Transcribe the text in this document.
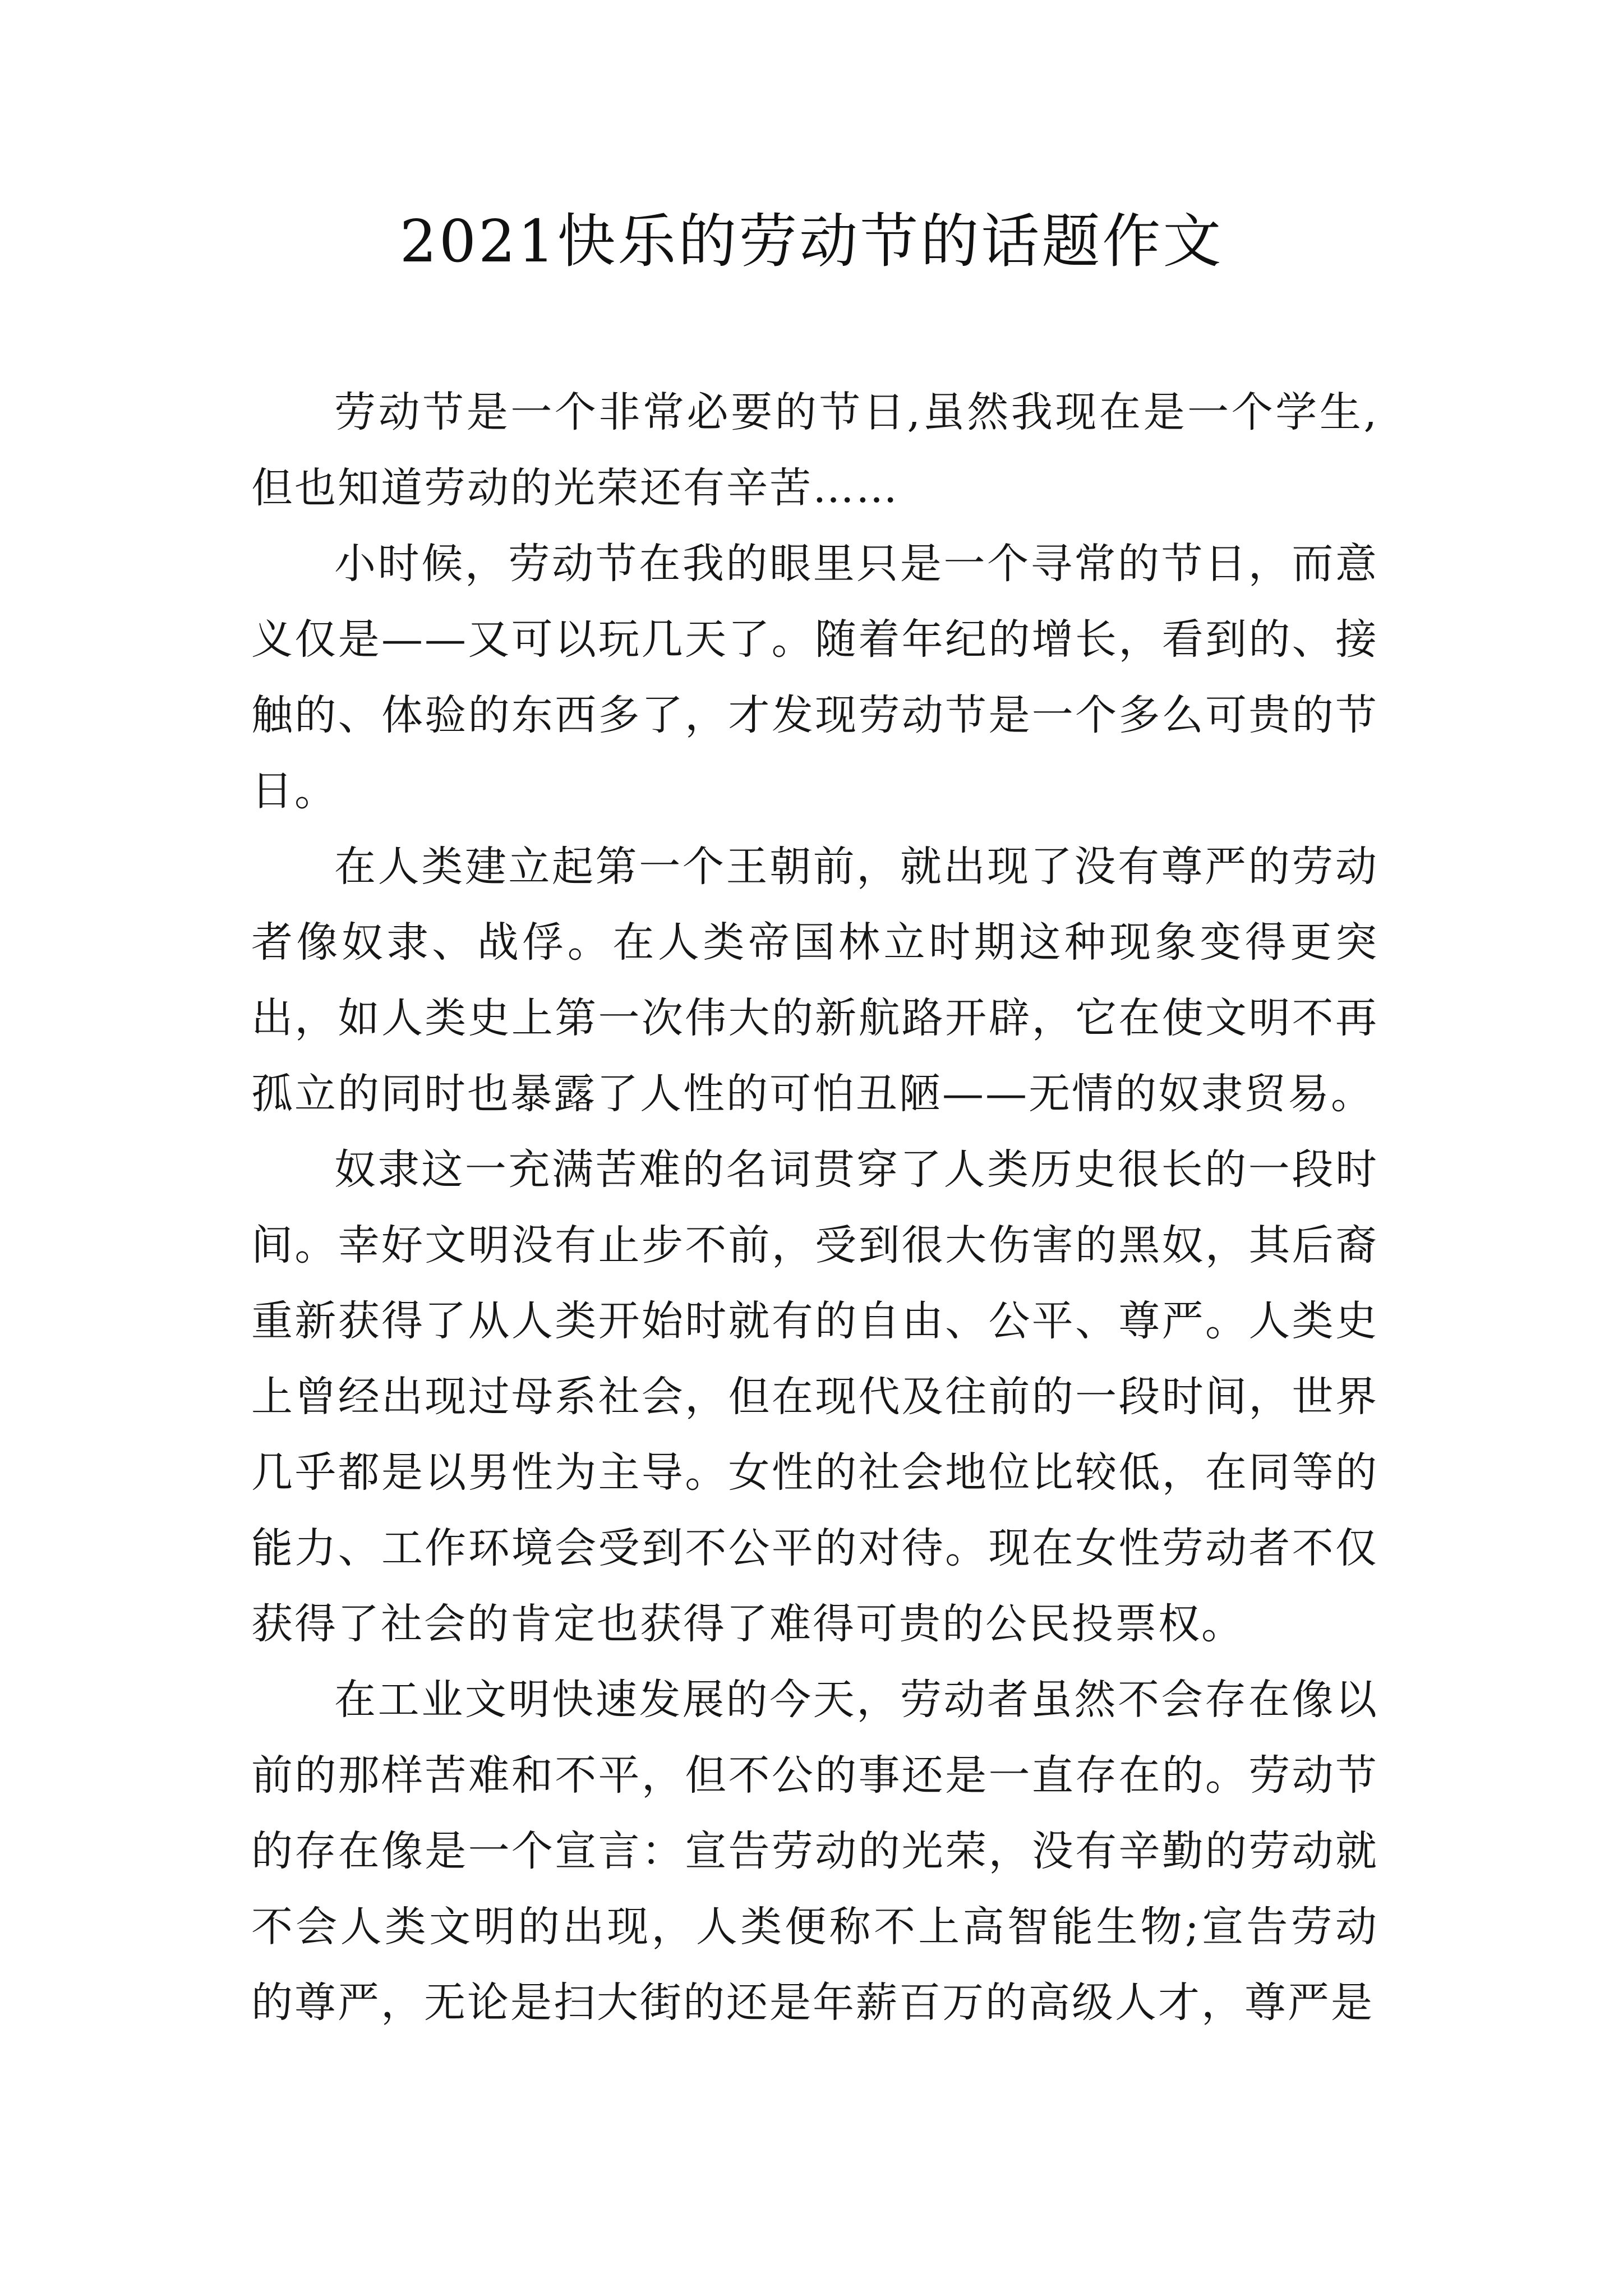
2021快乐的劳动节的话题作文

劳动节是一个非常必要的节日,虽然我现在是一个学生,但也知道劳动的光荣还有辛苦……

小时候，劳动节在我的眼里只是一个寻常的节日，而意义仅是——又可以玩几天了。随着年纪的增长，看到的、接触的、体验的东西多了，才发现劳动节是一个多么可贵的节日。

在人类建立起第一个王朝前，就出现了没有尊严的劳动者像奴隶、战俘。在人类帝国林立时期这种现象变得更突出，如人类史上第一次伟大的新航路开辟，它在使文明不再孤立的同时也暴露了人性的可怕丑陋——无情的奴隶贸易。

奴隶这一充满苦难的名词贯穿了人类历史很长的一段时间。幸好文明没有止步不前，受到很大伤害的黑奴，其后裔重新获得了从人类开始时就有的自由、公平、尊严。人类史上曾经出现过母系社会，但在现代及往前的一段时间，世界几乎都是以男性为主导。女性的社会地位比较低，在同等的能力、工作环境会受到不公平的对待。现在女性劳动者不仅获得了社会的肯定也获得了难得可贵的公民投票权。

在工业文明快速发展的今天，劳动者虽然不会存在像以前的那样苦难和不平，但不公的事还是一直存在的。劳动节的存在像是一个宣言：宣告劳动的光荣，没有辛勤的劳动就不会人类文明的出现，人类便称不上高智能生物;宣告劳动的尊严，无论是扫大街的还是年薪百万的高级人才，尊严是
